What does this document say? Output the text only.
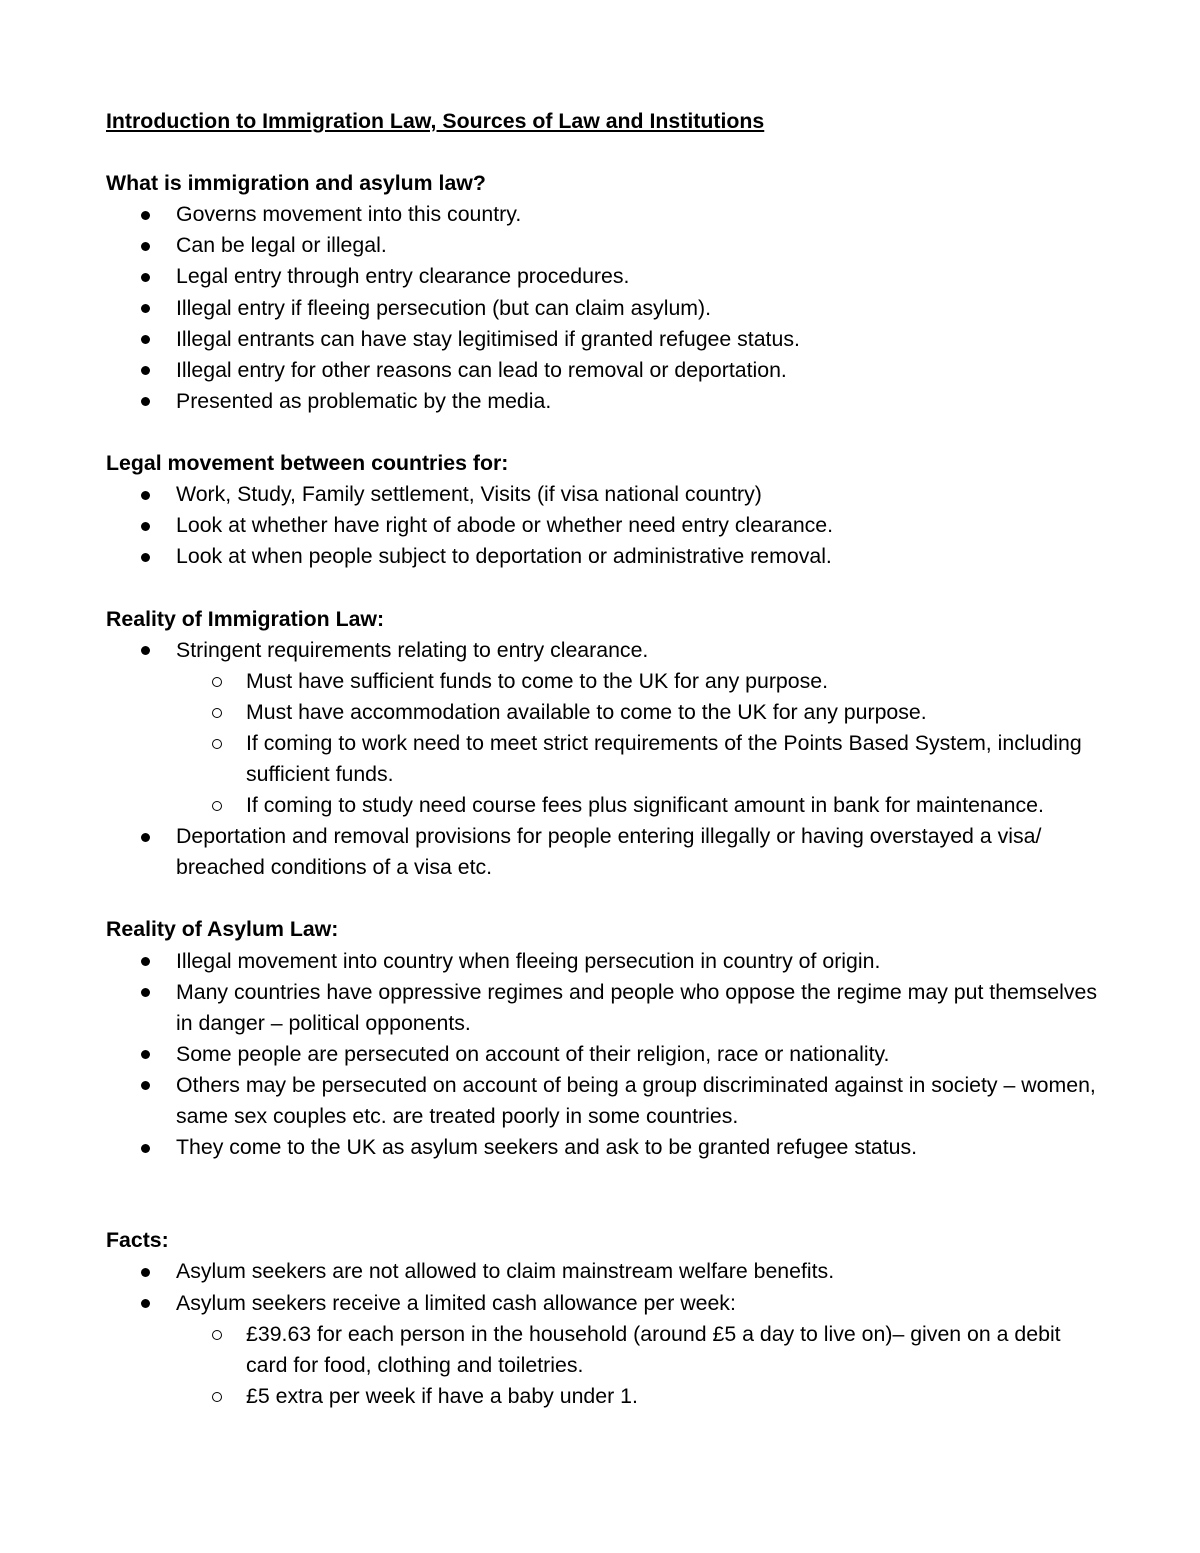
Introduction to Immigration Law, Sources of Law and Institutions

What is immigration and asylum law?

Governs movement into this country.
Can be legal or illegal.
Legal entry through entry clearance procedures.
Illegal entry if fleeing persecution (but can claim asylum).
Illegal entrants can have stay legitimised if granted refugee status.
Illegal entry for other reasons can lead to removal or deportation.
Presented as problematic by the media.

Legal movement between countries for:

Work, Study, Family settlement, Visits (if visa national country)
Look at whether have right of abode or whether need entry clearance.
Look at when people subject to deportation or administrative removal.

Reality of Immigration Law:

Stringent requirements relating to entry clearance.
Must have sufficient funds to come to the UK for any purpose.
Must have accommodation available to come to the UK for any purpose.
If coming to work need to meet strict requirements of the Points Based System, including sufficient funds.
If coming to study need course fees plus significant amount in bank for maintenance.
Deportation and removal provisions for people entering illegally or having overstayed a visa/ breached conditions of a visa etc.

Reality of Asylum Law:

Illegal movement into country when fleeing persecution in country of origin.
Many countries have oppressive regimes and people who oppose the regime may put themselves in danger – political opponents.
Some people are persecuted on account of their religion, race or nationality.
Others may be persecuted on account of being a group discriminated against in society – women, same sex couples etc. are treated poorly in some countries.
They come to the UK as asylum seekers and ask to be granted refugee status.

Facts:

Asylum seekers are not allowed to claim mainstream welfare benefits.
Asylum seekers receive a limited cash allowance per week:
£39.63 for each person in the household (around £5 a day to live on)– given on a debit card for food, clothing and toiletries.
£5 extra per week if have a baby under 1.
